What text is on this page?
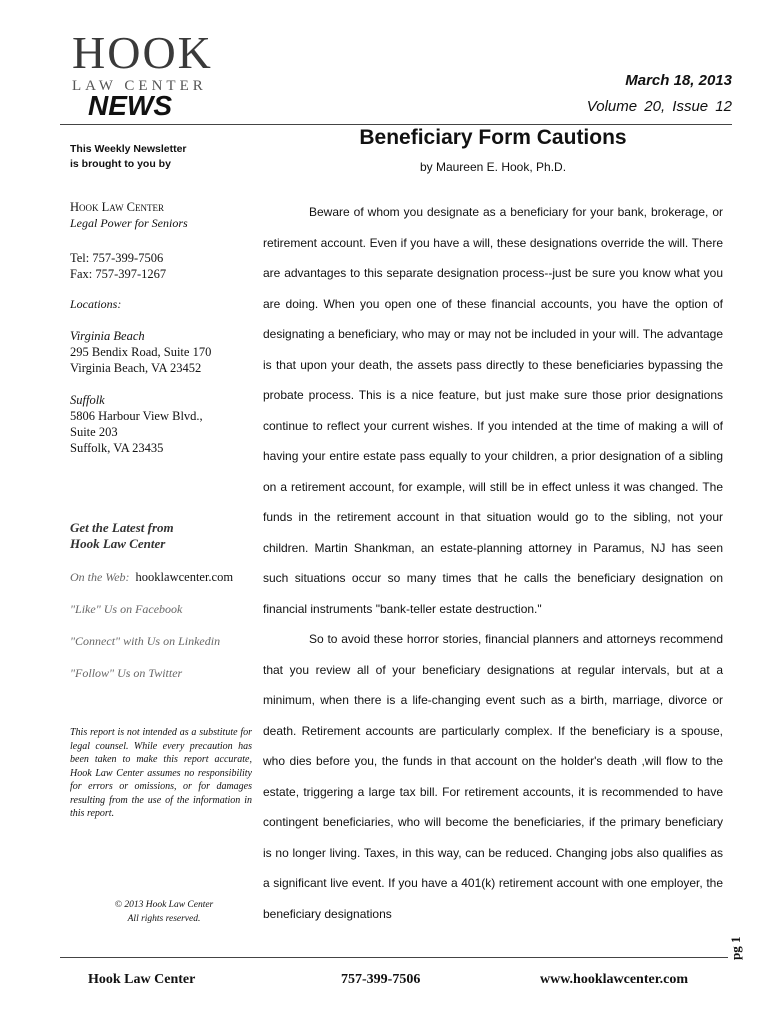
HOOK
LAW CENTER
NEWS
March 18, 2013
Volume 20, Issue 12

This Weekly Newsletter

is brought to you by

Hook Law Center
Legal Power for Seniors
Tel: 757-399-7506
Fax: 757-397-1267
Locations:
Virginia Beach
295 Bendix Road, Suite 170
Virginia Beach, VA 23452
Suffolk
5806 Harbour View Blvd.,
Suite 203
Suffolk, VA 23435
Get the Latest from
Hook Law Center
On the Web: hooklawcenter.com
"Like" Us on Facebook
"Connect" with Us on Linkedin
"Follow" Us on Twitter
This report is not intended as a substitute for legal counsel. While every precaution has been taken to make this report accurate, Hook Law Center assumes no responsibility for errors or omissions, or for damages resulting from the use of the information in this report.
© 2013 Hook Law Center
All rights reserved.
Beneficiary Form Cautions
by Maureen E. Hook, Ph.D.

Beware of whom you designate as a beneficiary for your bank, brokerage, or retirement account. Even if you have a will, these designations override the will. There are advantages to this separate designation process--just be sure you know what you are doing. When you open one of these financial accounts, you have the option of designating a beneficiary, who may or may not be included in your will. The advantage is that upon your death, the assets pass directly to these beneficiaries bypassing the probate process. This is a nice feature, but just make sure those prior designations continue to reflect your current wishes. If you intended at the time of making a will of having your entire estate pass equally to your children, a prior designation of a sibling on a retirement account, for example, will still be in effect unless it was changed. The funds in the retirement account in that situation would go to the sibling, not your children. Martin Shankman, an estate-planning attorney in Paramus, NJ has seen such situations occur so many times that he calls the beneficiary designation on financial instruments "bank-teller estate destruction."

So to avoid these horror stories, financial planners and attorneys recommend that you review all of your beneficiary designations at regular intervals, but at a minimum, when there is a life-changing event such as a birth, marriage, divorce or death. Retirement accounts are particularly complex. If the beneficiary is a spouse, who dies before you, the funds in that account on the holder's death ,will flow to the estate, triggering a large tax bill. For retirement accounts, it is recommended to have contingent beneficiaries, who will become the beneficiaries, if the primary beneficiary is no longer living. Taxes, in this way, can be reduced. Changing jobs also qualifies as a significant live event. If you have a 401(k) retirement account with one employer, the beneficiary designations

pg 1
Hook Law Center	757-399-7506	www.hooklawcenter.com
